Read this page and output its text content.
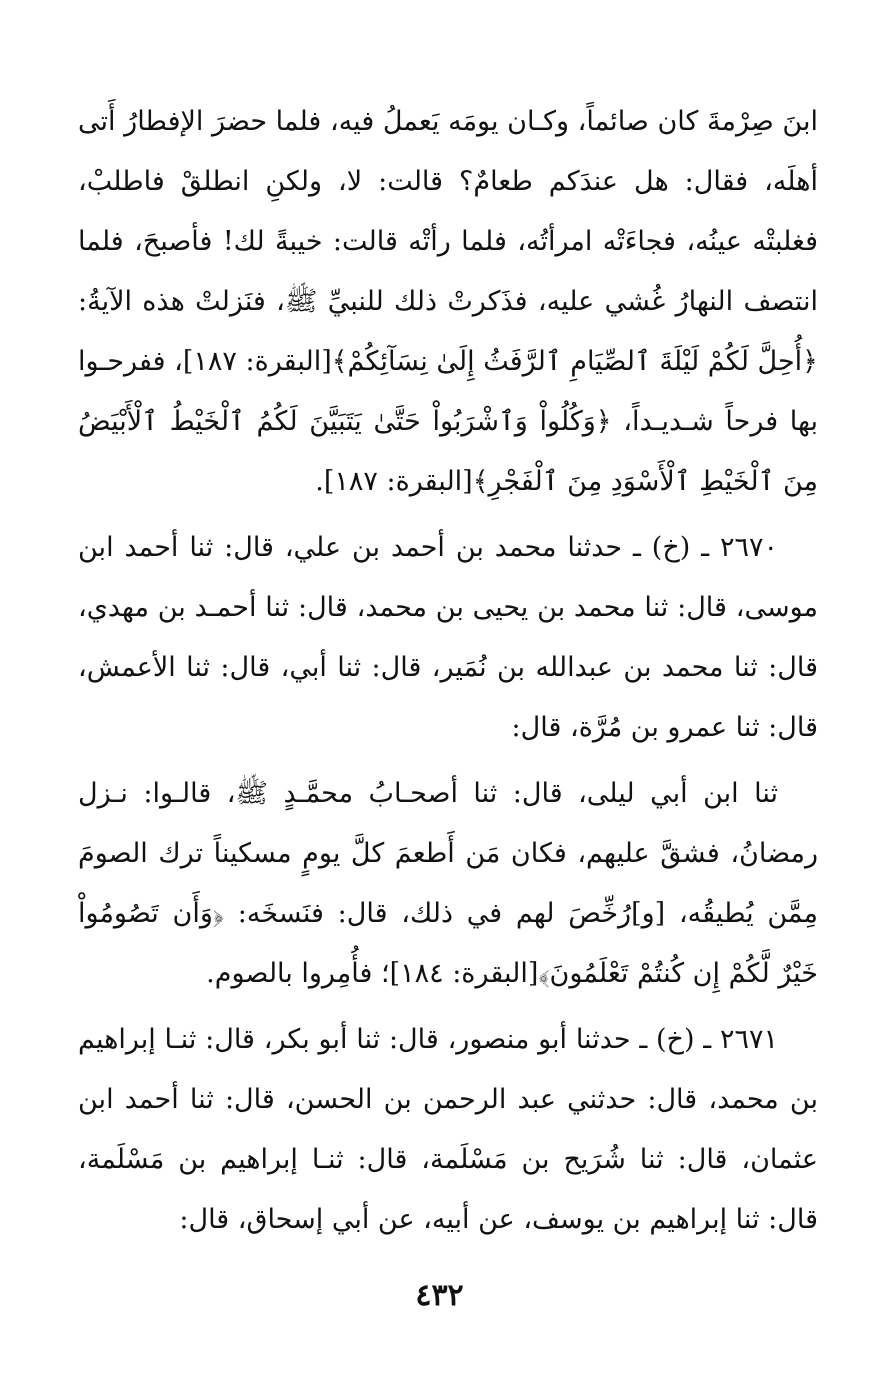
ابنَ صِرْمةَ كان صائماً، وكـان يومَه يَعملُ فيه، فلما حضرَ الإفطارُ أَتى أهلَه، فقال: هل عندَكم طعامٌ؟ قالت: لا، ولكنِ انطلقْ فاطلبْ، فغلبتْه عينُه، فجاءَتْه امرأتُه، فلما رأتْه قالت: خيبةً لك! فأصبحَ، فلما انتصف النهارُ غُشي عليه، فذَكرتْ ذلك للنبيِّ ﷺ، فنَزلتْ هذه الآيةُ: ﴿أُحِلَّ لَكُمْ لَيْلَةَ ٱلصِّيَامِ ٱلرَّفَثُ إِلَىٰ نِسَآئِكُمْ﴾[البقرة: ١٨٧]، ففرحـوا بها فرحاً شـديـداً، ﴿وَكُلُواْ وَٱشْرَبُواْ حَتَّىٰ يَتَبَيَّنَ لَكُمُ ٱلْخَيْطُ ٱلْأَبْيَضُ مِنَ ٱلْخَيْطِ ٱلْأَسْوَدِ مِنَ ٱلْفَجْرِ﴾[البقرة: ١٨٧].

٢٦٧٠ ـ (خ) ـ حدثنا محمد بن أحمد بن علي، قال: ثنا أحمد ابن موسى، قال: ثنا محمد بن يحيى بن محمد، قال: ثنا أحمـد بن مهدي، قال: ثنا محمد بن عبدالله بن نُمَير، قال: ثنا أبي، قال: ثنا الأعمش، قال: ثنا عمرو بن مُرَّة، قال:

ثنا ابن أبي ليلى، قال: ثنا أصحـابُ محمَّـدٍ ﷺ، قالـوا: نـزل رمضانُ، فشقَّ عليهم، فكان مَن أَطعمَ كلَّ يومٍ مسكيناً ترك الصومَ مِمَّن يُطيقُه، [و]رُخِّصَ لهم في ذلك، قال: فنَسخَه: ﴿وَأَن تَصُومُواْ خَيْرٌ لَّكُمْ إِن كُنتُمْ تَعْلَمُونَ﴾[البقرة: ١٨٤]؛ فأُمِروا بالصوم.

٢٦٧١ ـ (خ) ـ حدثنا أبو منصور، قال: ثنا أبو بكر، قال: ثنـا إبراهيم بن محمد، قال: حدثني عبد الرحمن بن الحسن، قال: ثنا أحمد ابن عثمان، قال: ثنا شُرَيح بن مَسْلَمة، قال: ثنـا إبراهيم بن مَسْلَمة، قال: ثنا إبراهيم بن يوسف، عن أبيه، عن أبي إسحاق، قال:

٤٣٢
